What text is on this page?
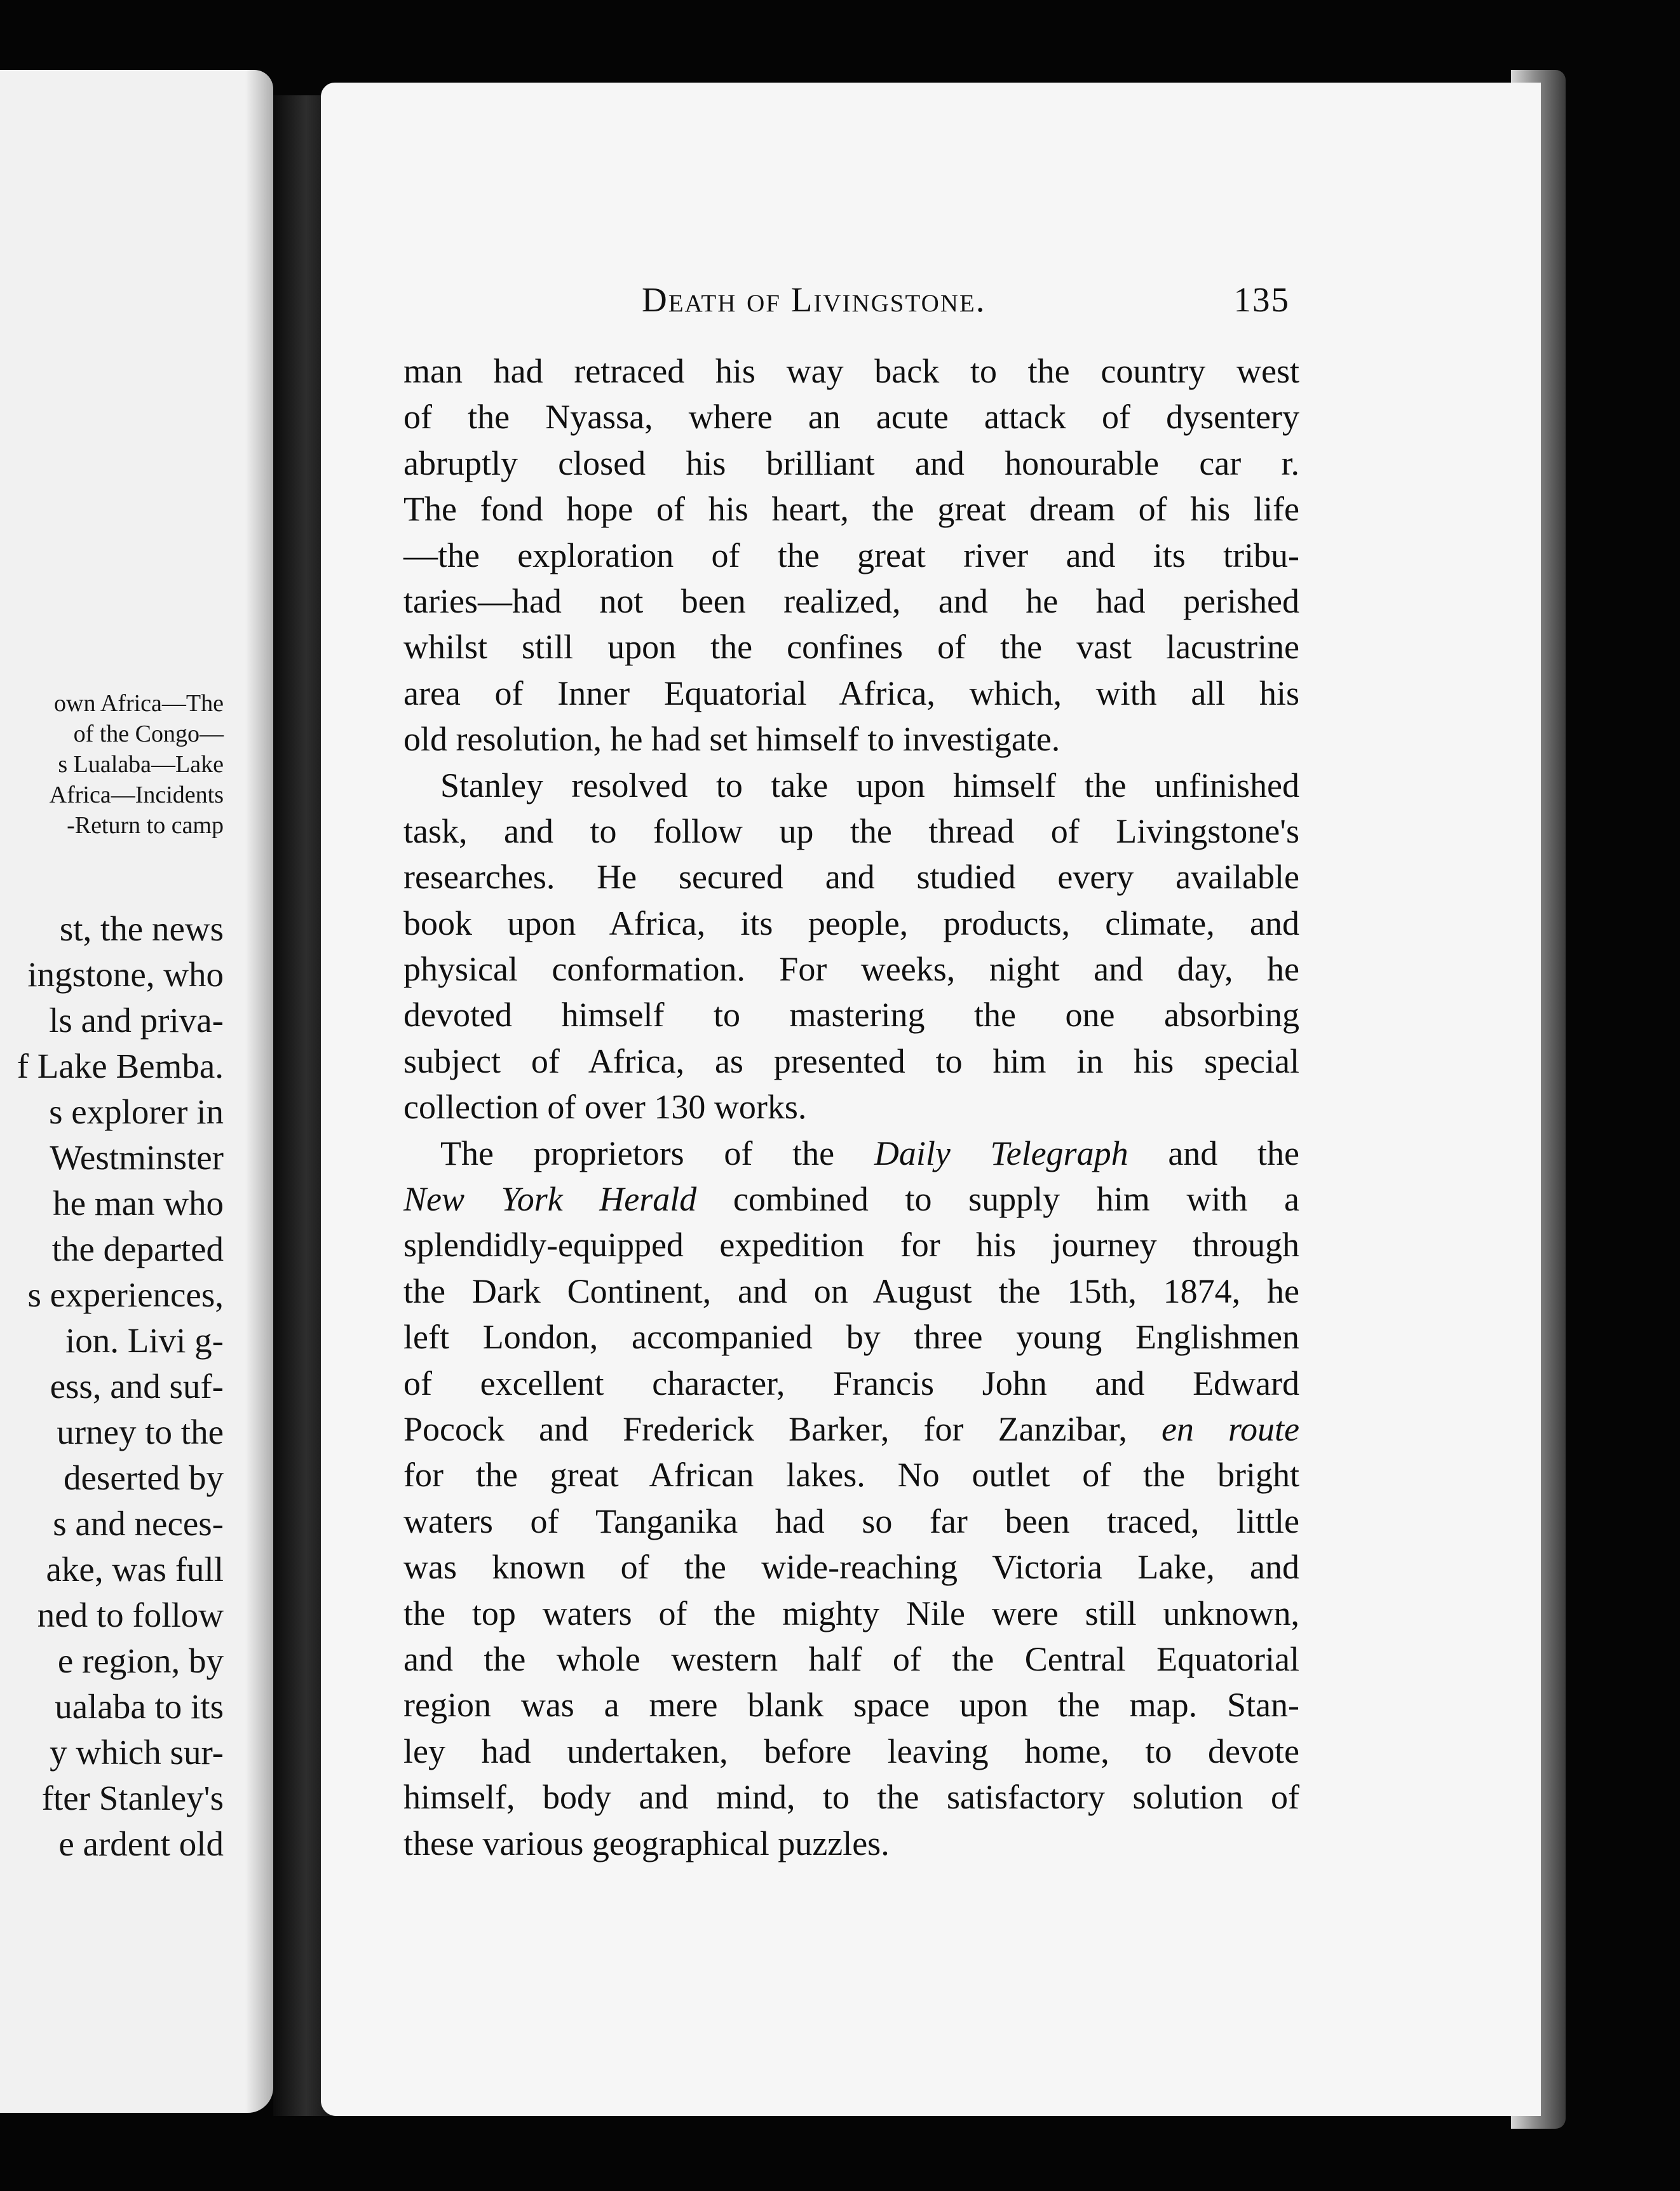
own Africa—The
of the Congo—
s Lualaba—Lake
Africa—Incidents
-Return to camp
st, the news
ingstone, who
ls and priva-
f Lake Bemba.
s explorer in
Westminster
he man who
the departed
s experiences,
ion. Livi g-
ess, and suf-
urney to the
deserted by
s and neces-
ake, was full
ned to follow
e region, by
ualaba to its
y which sur-
fter Stanley's
e ardent old
Death of Livingstone.	135
man had retraced his way back to the country west
of the Nyassa, where an acute attack of dysentery
abruptly closed his brilliant and honourable car r.
The fond hope of his heart, the great dream of his life
—the exploration of the great river and its tribu-
taries—had not been realized, and he had perished
whilst still upon the confines of the vast lacustrine
area of Inner Equatorial Africa, which, with all his
old resolution, he had set himself to investigate.
Stanley resolved to take upon himself the unfinished
task, and to follow up the thread of Livingstone's
researches. He secured and studied every available
book upon Africa, its people, products, climate, and
physical conformation. For weeks, night and day, he
devoted himself to mastering the one absorbing
subject of Africa, as presented to him in his special
collection of over 130 works.
The proprietors of the Daily Telegraph and the
New York Herald combined to supply him with a
splendidly-equipped expedition for his journey through
the Dark Continent, and on August the 15th, 1874, he
left London, accompanied by three young Englishmen
of excellent character, Francis John and Edward
Pocock and Frederick Barker, for Zanzibar, en route
for the great African lakes. No outlet of the bright
waters of Tanganika had so far been traced, little
was known of the wide-reaching Victoria Lake, and
the top waters of the mighty Nile were still unknown,
and the whole western half of the Central Equatorial
region was a mere blank space upon the map. Stan-
ley had undertaken, before leaving home, to devote
himself, body and mind, to the satisfactory solution of
these various geographical puzzles.
